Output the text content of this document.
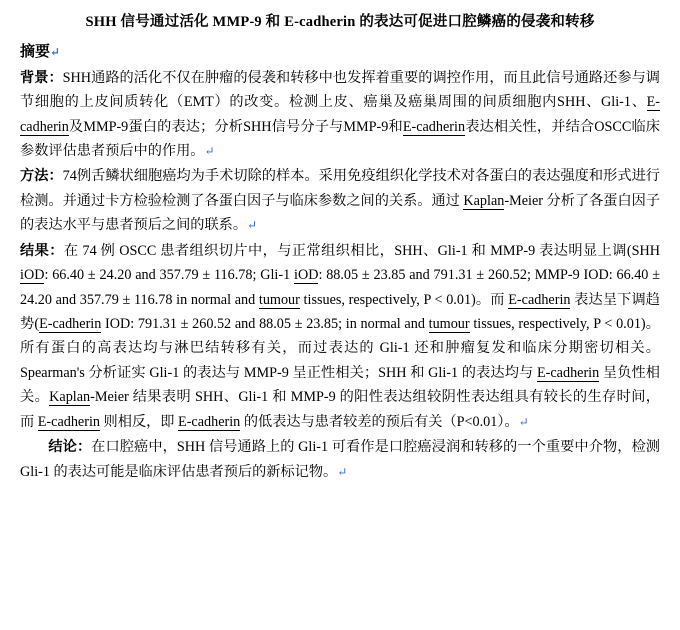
SHH 信号通过活化 MMP-9 和 E-cadherin 的表达可促进口腔鳞癌的侵袭和转移
摘要↵
背景：SHH通路的活化不仅在肿瘤的侵袭和转移中也发挥着重要的调控作用，而且此信号通路还参与调节细胞的上皮间质转化（EMT）的改变。检测上皮、癌巢及癌巢周围的间质细胞内SHH、Gli-1、E-cadherin及MMP-9蛋白的表达；分析SHH信号分子与MMP-9和E-cadherin表达相关性，并结合OSCC临床参数评估患者预后中的作用。↵
方法：74例舌鳞状细胞癌均为手术切除的样本。采用免疫组织化学技术对各蛋白的表达强度和形式进行检测。并通过卡方检验检测了各蛋白因子与临床参数之间的关系。通过 Kaplan-Meier 分析了各蛋白因子的表达水平与患者预后之间的联系。↵
结果：在 74 例 OSCC 患者组织切片中，与正常组织相比，SHH、Gli-1 和 MMP-9 表达明显上调(SHH iOD: 66.40 ± 24.20 and 357.79 ± 116.78; Gli-1 iOD: 88.05 ± 23.85 and 791.31 ± 260.52; MMP-9 IOD: 66.40 ± 24.20 and 357.79 ± 116.78 in normal and tumour tissues, respectively, P < 0.01)。而 E-cadherin 表达呈下调趋势(E-cadherin IOD: 791.31 ± 260.52 and 88.05 ± 23.85; in normal and tumour tissues, respectively, P < 0.01)。所有蛋白的高表达均与淋巴结转移有关，而过表达的 Gli-1 还和肿瘤复发和临床分期密切相关。Spearman's 分析证实 Gli-1 的表达与 MMP-9 呈正性相关；SHH 和 Gli-1 的表达均与 E-cadherin 呈负性相关。Kaplan-Meier 结果表明 SHH、Gli-1 和 MMP-9 的阳性表达组较阴性表达组具有较长的生存时间，而 E-cadherin 则相反，即 E-cadherin 的低表达与患者较差的预后有关（P<0.01）。↵
结论：在口腔癌中，SHH 信号通路上的 Gli-1 可看作是口腔癌浸润和转移的一个重要中介物，检测 Gli-1 的表达可能是临床评估患者预后的新标记物。↵
